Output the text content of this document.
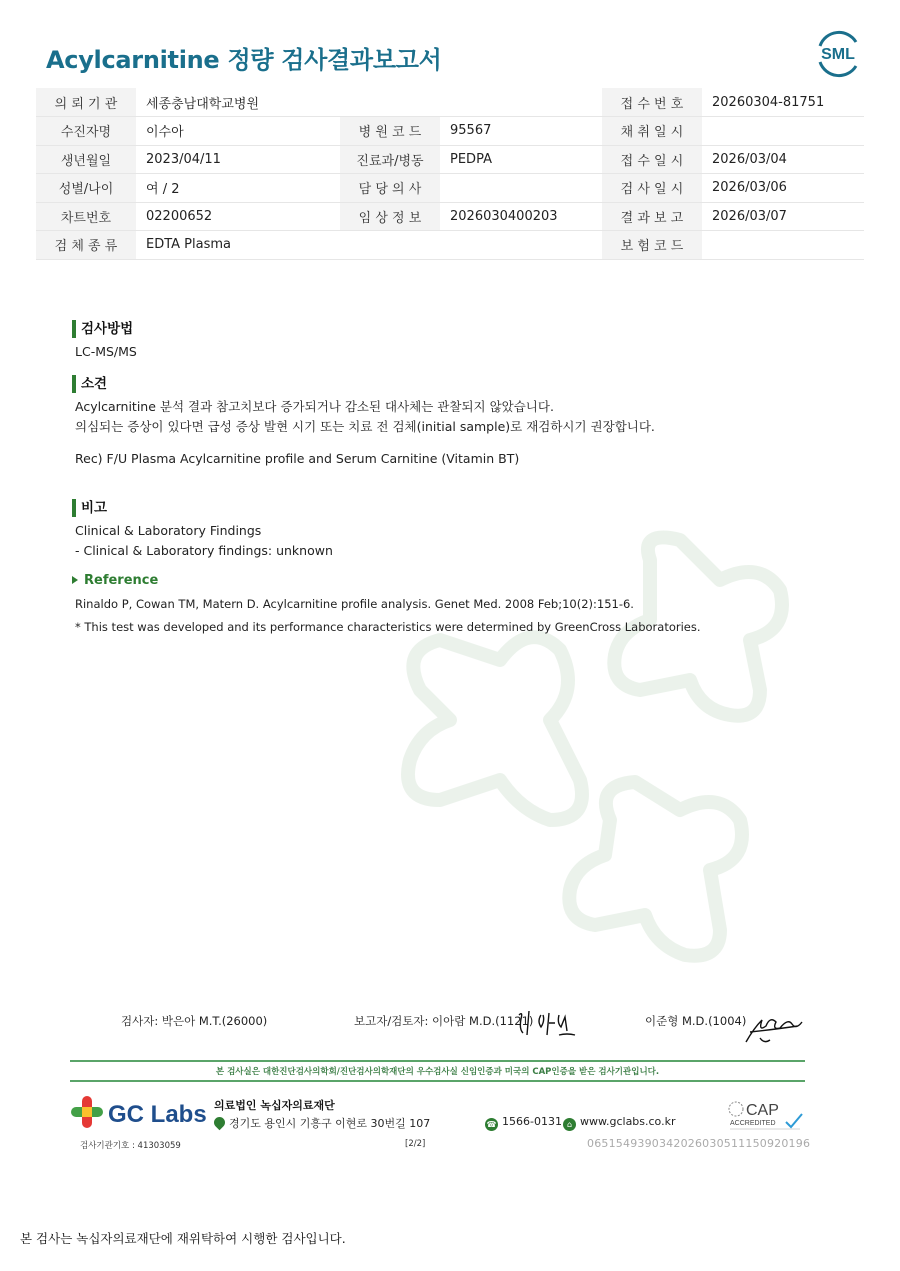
Acylcarnitine 정량 검사결과보고서	SML
의 뢰 기 관	세종충남대학교병원			접 수 번 호	20260304-81751
수진자명	이수아	병 원 코 드	95567	채 취 일 시	
생년월일	2023/04/11	진료과/병동	PEDPA	접 수 일 시	2026/03/04
성별/나이	여 / 2	담 당 의 사		검 사 일 시	2026/03/06
차트번호	02200652	임 상 정 보	2026030400203	결 과 보 고	2026/03/07
검 체 종 류	EDTA Plasma			보 험 코 드	
검사방법
LC-MS/MS
소견
Acylcarnitine 분석 결과 참고치보다 증가되거나 감소된 대사체는 관찰되지 않았습니다.
의심되는 증상이 있다면 급성 증상 발현 시기 또는 치료 전 검체(initial sample)로 재검하시기 권장합니다.
Rec) F/U Plasma Acylcarnitine profile and Serum Carnitine (Vitamin BT)
비고
Clinical & Laboratory Findings
- Clinical & Laboratory findings: unknown
Reference
Rinaldo P, Cowan TM, Matern D. Acylcarnitine profile analysis. Genet Med. 2008 Feb;10(2):151-6.
* This test was developed and its performance characteristics were determined by GreenCross Laboratories.
검사자: 박은아 M.T.(26000)	보고자/검토자: 이아람 M.D.(1121)	이준형 M.D.(1004)
본 검사실은 대한진단검사의학회/진단검사의학재단의 우수검사실 신임인증과 미국의 CAP인증을 받은 검사기관입니다.
GC Labs 의료법인 녹십자의료재단
경기도 용인시 기흥구 이현로 30번길 107	☎ 1566-0131 ⌂ www.gclabs.co.kr
CAP
ACCREDITED
검사기관기호 : 41303059	[2/2]	06515493903420260305111509201​96
본 검사는 녹십자의료재단에 재위탁하여 시행한 검사입니다.
